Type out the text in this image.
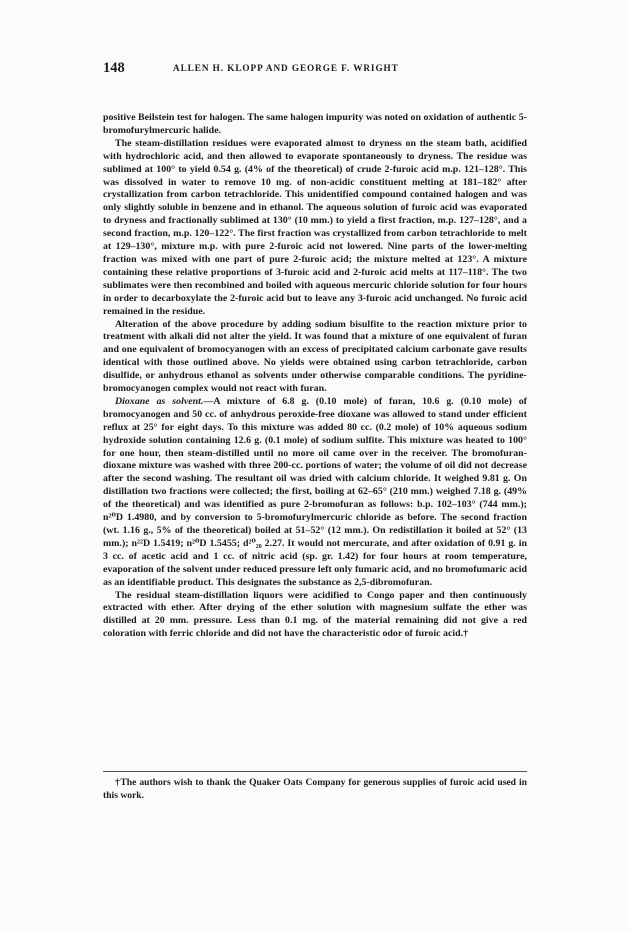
148	ALLEN H. KLOPP AND GEORGE F. WRIGHT

positive Beilstein test for halogen. The same halogen impurity was noted on oxidation of authentic 5-bromofurylmercuric halide.

The steam-distillation residues were evaporated almost to dryness on the steam bath, acidified with hydrochloric acid, and then allowed to evaporate spontaneously to dryness. The residue was sublimed at 100° to yield 0.54 g. (4% of the theoretical) of crude 2-furoic acid m.p. 121–128°. This was dissolved in water to remove 10 mg. of non-acidic constituent melting at 181–182° after crystallization from carbon tetrachloride. This unidentified compound contained halogen and was only slightly soluble in benzene and in ethanol. The aqueous solution of furoic acid was evaporated to dryness and fractionally sublimed at 130° (10 mm.) to yield a first fraction, m.p. 127–128°, and a second fraction, m.p. 120–122°. The first fraction was crystallized from carbon tetrachloride to melt at 129–130°, mixture m.p. with pure 2-furoic acid not lowered. Nine parts of the lower-melting fraction was mixed with one part of pure 2-furoic acid; the mixture melted at 123°. A mixture containing these relative proportions of 3-furoic acid and 2-furoic acid melts at 117–118°. The two sublimates were then recombined and boiled with aqueous mercuric chloride solution for four hours in order to decarboxylate the 2-furoic acid but to leave any 3-furoic acid unchanged. No furoic acid remained in the residue.

Alteration of the above procedure by adding sodium bisulfite to the reaction mixture prior to treatment with alkali did not alter the yield. It was found that a mixture of one equivalent of furan and one equivalent of bromocyanogen with an excess of precipitated calcium carbonate gave results identical with those outlined above. No yields were obtained using carbon tetrachloride, carbon disulfide, or anhydrous ethanol as solvents under otherwise comparable conditions. The pyridine-bromocyanogen complex would not react with furan.

Dioxane as solvent.—A mixture of 6.8 g. (0.10 mole) of furan, 10.6 g. (0.10 mole) of bromocyanogen and 50 cc. of anhydrous peroxide-free dioxane was allowed to stand under efficient reflux at 25° for eight days. To this mixture was added 80 cc. (0.2 mole) of 10% aqueous sodium hydroxide solution containing 12.6 g. (0.1 mole) of sodium sulfite. This mixture was heated to 100° for one hour, then steam-distilled until no more oil came over in the receiver. The bromofuran-dioxane mixture was washed with three 200-cc. portions of water; the volume of oil did not decrease after the second washing. The resultant oil was dried with calcium chloride. It weighed 9.81 g. On distillation two fractions were collected; the first, boiling at 62–65° (210 mm.) weighed 7.18 g. (49% of the theoretical) and was identified as pure 2-bromofuran as follows: b.p. 102–103° (744 mm.); n²⁰D 1.4980, and by conversion to 5-bromofurylmercuric chloride as before. The second fraction (wt. 1.16 g., 5% of the theoretical) boiled at 51–52° (12 mm.). On redistillation it boiled at 52° (13 mm.); n²²D 1.5419; n²⁰D 1.5455; d²⁰₂₀ 2.27. It would not mercurate, and after oxidation of 0.91 g. in 3 cc. of acetic acid and 1 cc. of nitric acid (sp. gr. 1.42) for four hours at room temperature, evaporation of the solvent under reduced pressure left only fumaric acid, and no bromofumaric acid as an identifiable product. This designates the substance as 2,5-dibromofuran.

The residual steam-distillation liquors were acidified to Congo paper and then continuously extracted with ether. After drying of the ether solution with magnesium sulfate the ether was distilled at 20 mm. pressure. Less than 0.1 mg. of the material remaining did not give a red coloration with ferric chloride and did not have the characteristic odor of furoic acid.†

†The authors wish to thank the Quaker Oats Company for generous supplies of furoic acid used in this work.
